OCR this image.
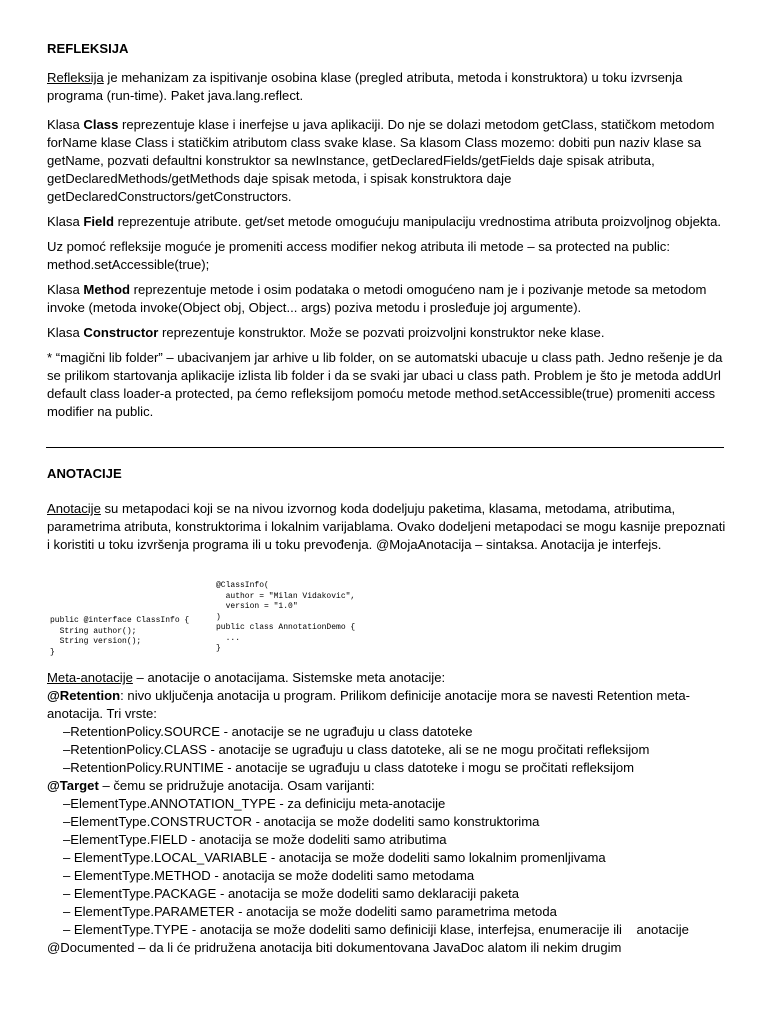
REFLEKSIJA

Refleksija je mehanizam za ispitivanje osobina klase (pregled atributa, metoda i konstruktora) u toku izvrsenja programa (run-time). Paket java.lang.reflect.

Klasa Class reprezentuje klase i inerfejse u java aplikaciji. Do nje se dolazi metodom getClass, statičkom metodom forName klase Class i statičkim atributom class svake klase. Sa klasom Class mozemo: dobiti pun naziv klase sa getName, pozvati defaultni konstruktor sa newInstance, getDeclaredFields/getFields daje spisak atributa, getDeclaredMethods/getMethods daje spisak metoda, i spisak konstruktora daje getDeclaredConstructors/getConstructors.

Klasa Field reprezentuje atribute. get/set metode omogućuju manipulaciju vrednostima atributa proizvoljnog objekta.

Uz pomoć refleksije moguće je promeniti access modifier nekog atributa ili metode – sa protected na public: method.setAccessible(true);

Klasa Method reprezentuje metode i osim podataka o metodi omogućeno nam je i pozivanje metode sa metodom invoke (metoda invoke(Object obj, Object... args) poziva metodu i prosleđuje joj argumente).

Klasa Constructor reprezentuje konstruktor. Može se pozvati proizvoljni konstruktor neke klase.

* “magični lib folder” – ubacivanjem jar arhive u lib folder, on se automatski ubacuje u class path. Jedno rešenje je da se prilikom startovanja aplikacije izlista lib folder i da se svaki jar ubaci u class path. Problem je što je metoda addUrl default class loader-a protected, pa ćemo refleksijom pomoću metode method.setAccessible(true) promeniti access modifier na public.

ANOTACIJE

Anotacije su metapodaci koji se na nivou izvornog koda dodeljuju paketima, klasama, metodama, atributima, parametrima atributa, konstruktorima i lokalnim varijablama. Ovako dodeljeni metapodaci se mogu kasnije prepoznati i koristiti u toku izvršenja programa ili u toku prevođenja. @MojaAnotacija – sintaksa. Anotacija je interfejs.

public @interface ClassInfo {
String author();
String version();
}
@ClassInfo(
author = "Milan Vidakovic",
version = "1.0"
)
public class AnnotationDemo {
...
}

Meta-anotacije – anotacije o anotacijama. Sistemske meta anotacije:

@Retention: nivo uključenja anotacija u program. Prilikom definicije anotacije mora se navesti Retention meta-anotacija. Tri vrste:

–RetentionPolicy.SOURCE - anotacije se ne ugrađuju u class datoteke
–RetentionPolicy.CLASS - anotacije se ugrađuju u class datoteke, ali se ne mogu pročitati refleksijom
–RetentionPolicy.RUNTIME - anotacije se ugrađuju u class datoteke i mogu se pročitati refleksijom

@Target – čemu se pridružuje anotacija. Osam varijanti:

–ElementType.ANNOTATION_TYPE - za definiciju meta-anotacije
–ElementType.CONSTRUCTOR - anotacija se može dodeliti samo konstruktorima
–ElementType.FIELD - anotacija se može dodeliti samo atributima
– ElementType.LOCAL_VARIABLE - anotacija se može dodeliti samo lokalnim promenljivama
– ElementType.METHOD - anotacija se može dodeliti samo metodama
– ElementType.PACKAGE - anotacija se može dodeliti samo deklaraciji paketa
– ElementType.PARAMETER - anotacija se može dodeliti samo parametrima metoda
– ElementType.TYPE - anotacija se može dodeliti samo definiciji klase, interfejsa, enumeracije ili    anotacije

@Documented – da li će pridružena anotacija biti dokumentovana JavaDoc alatom ili nekim drugim
